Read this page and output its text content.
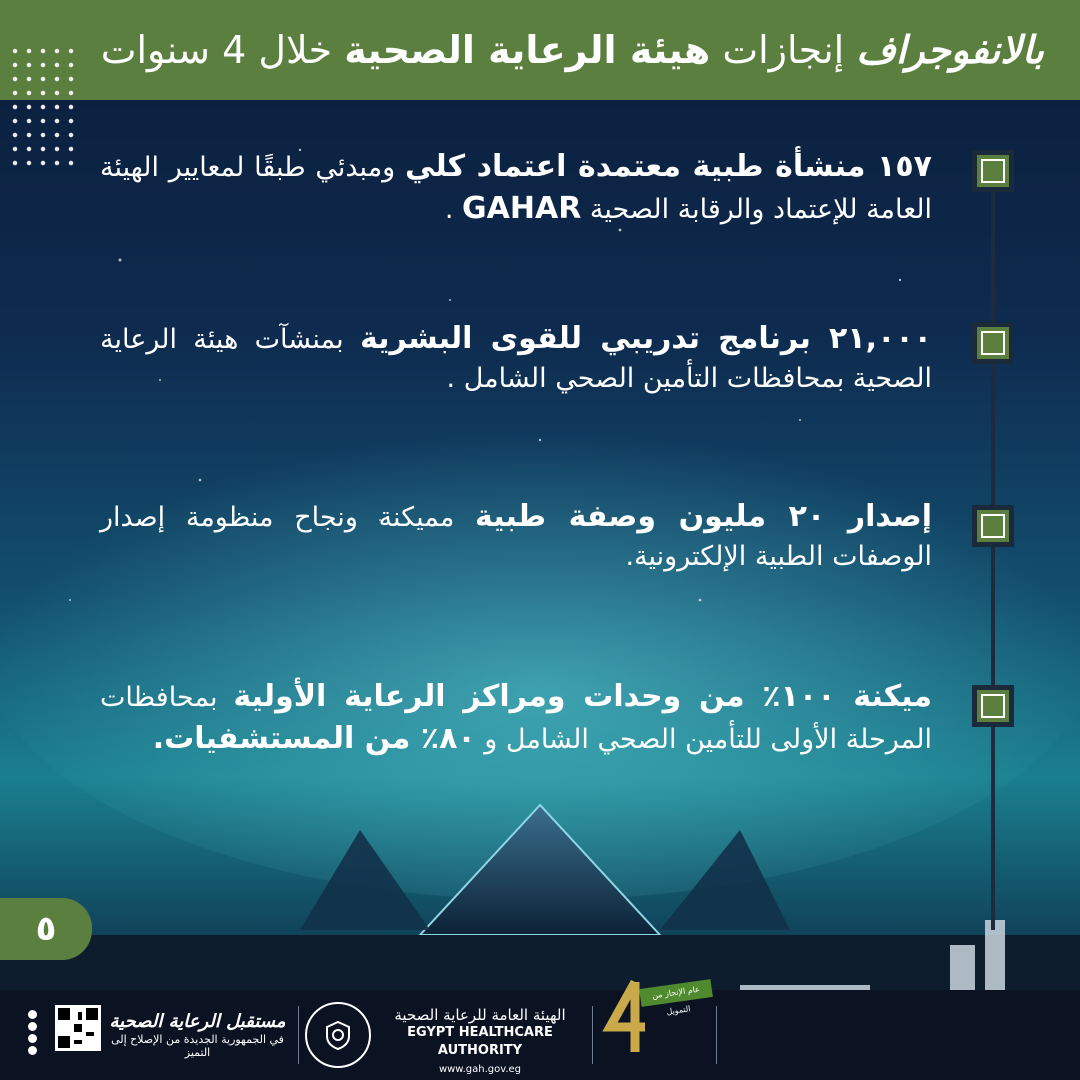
بالانفوجراف إنجازات هيئة الرعاية الصحية خلال 4 سنوات
١٥٧ منشأة طبية معتمدة اعتماد كلي ومبدئي طبقًا لمعايير الهيئة العامة للإعتماد والرقابة الصحية GAHAR .
٢١,٠٠٠ برنامج تدريبي للقوى البشرية بمنشآت هيئة الرعاية الصحية بمحافظات التأمين الصحي الشامل .
إصدار ٢٠ مليون وصفة طبية مميكنة ونجاح منظومة إصدار الوصفات الطبية الإلكترونية.
ميكنة ١٠٠٪ من وحدات ومراكز الرعاية الأولية بمحافظات المرحلة الأولى للتأمين الصحي الشامل و ٨٠٪ من المستشفيات.
٥
مستقبل الرعاية الصحية
في الجمهورية الجديدة من الإصلاح إلى التميز
الهيئة العامة للرعاية الصحية
EGYPT HEALTHCARE AUTHORITY
www.gah.gov.eg
عام الإنجاز من التمويل
